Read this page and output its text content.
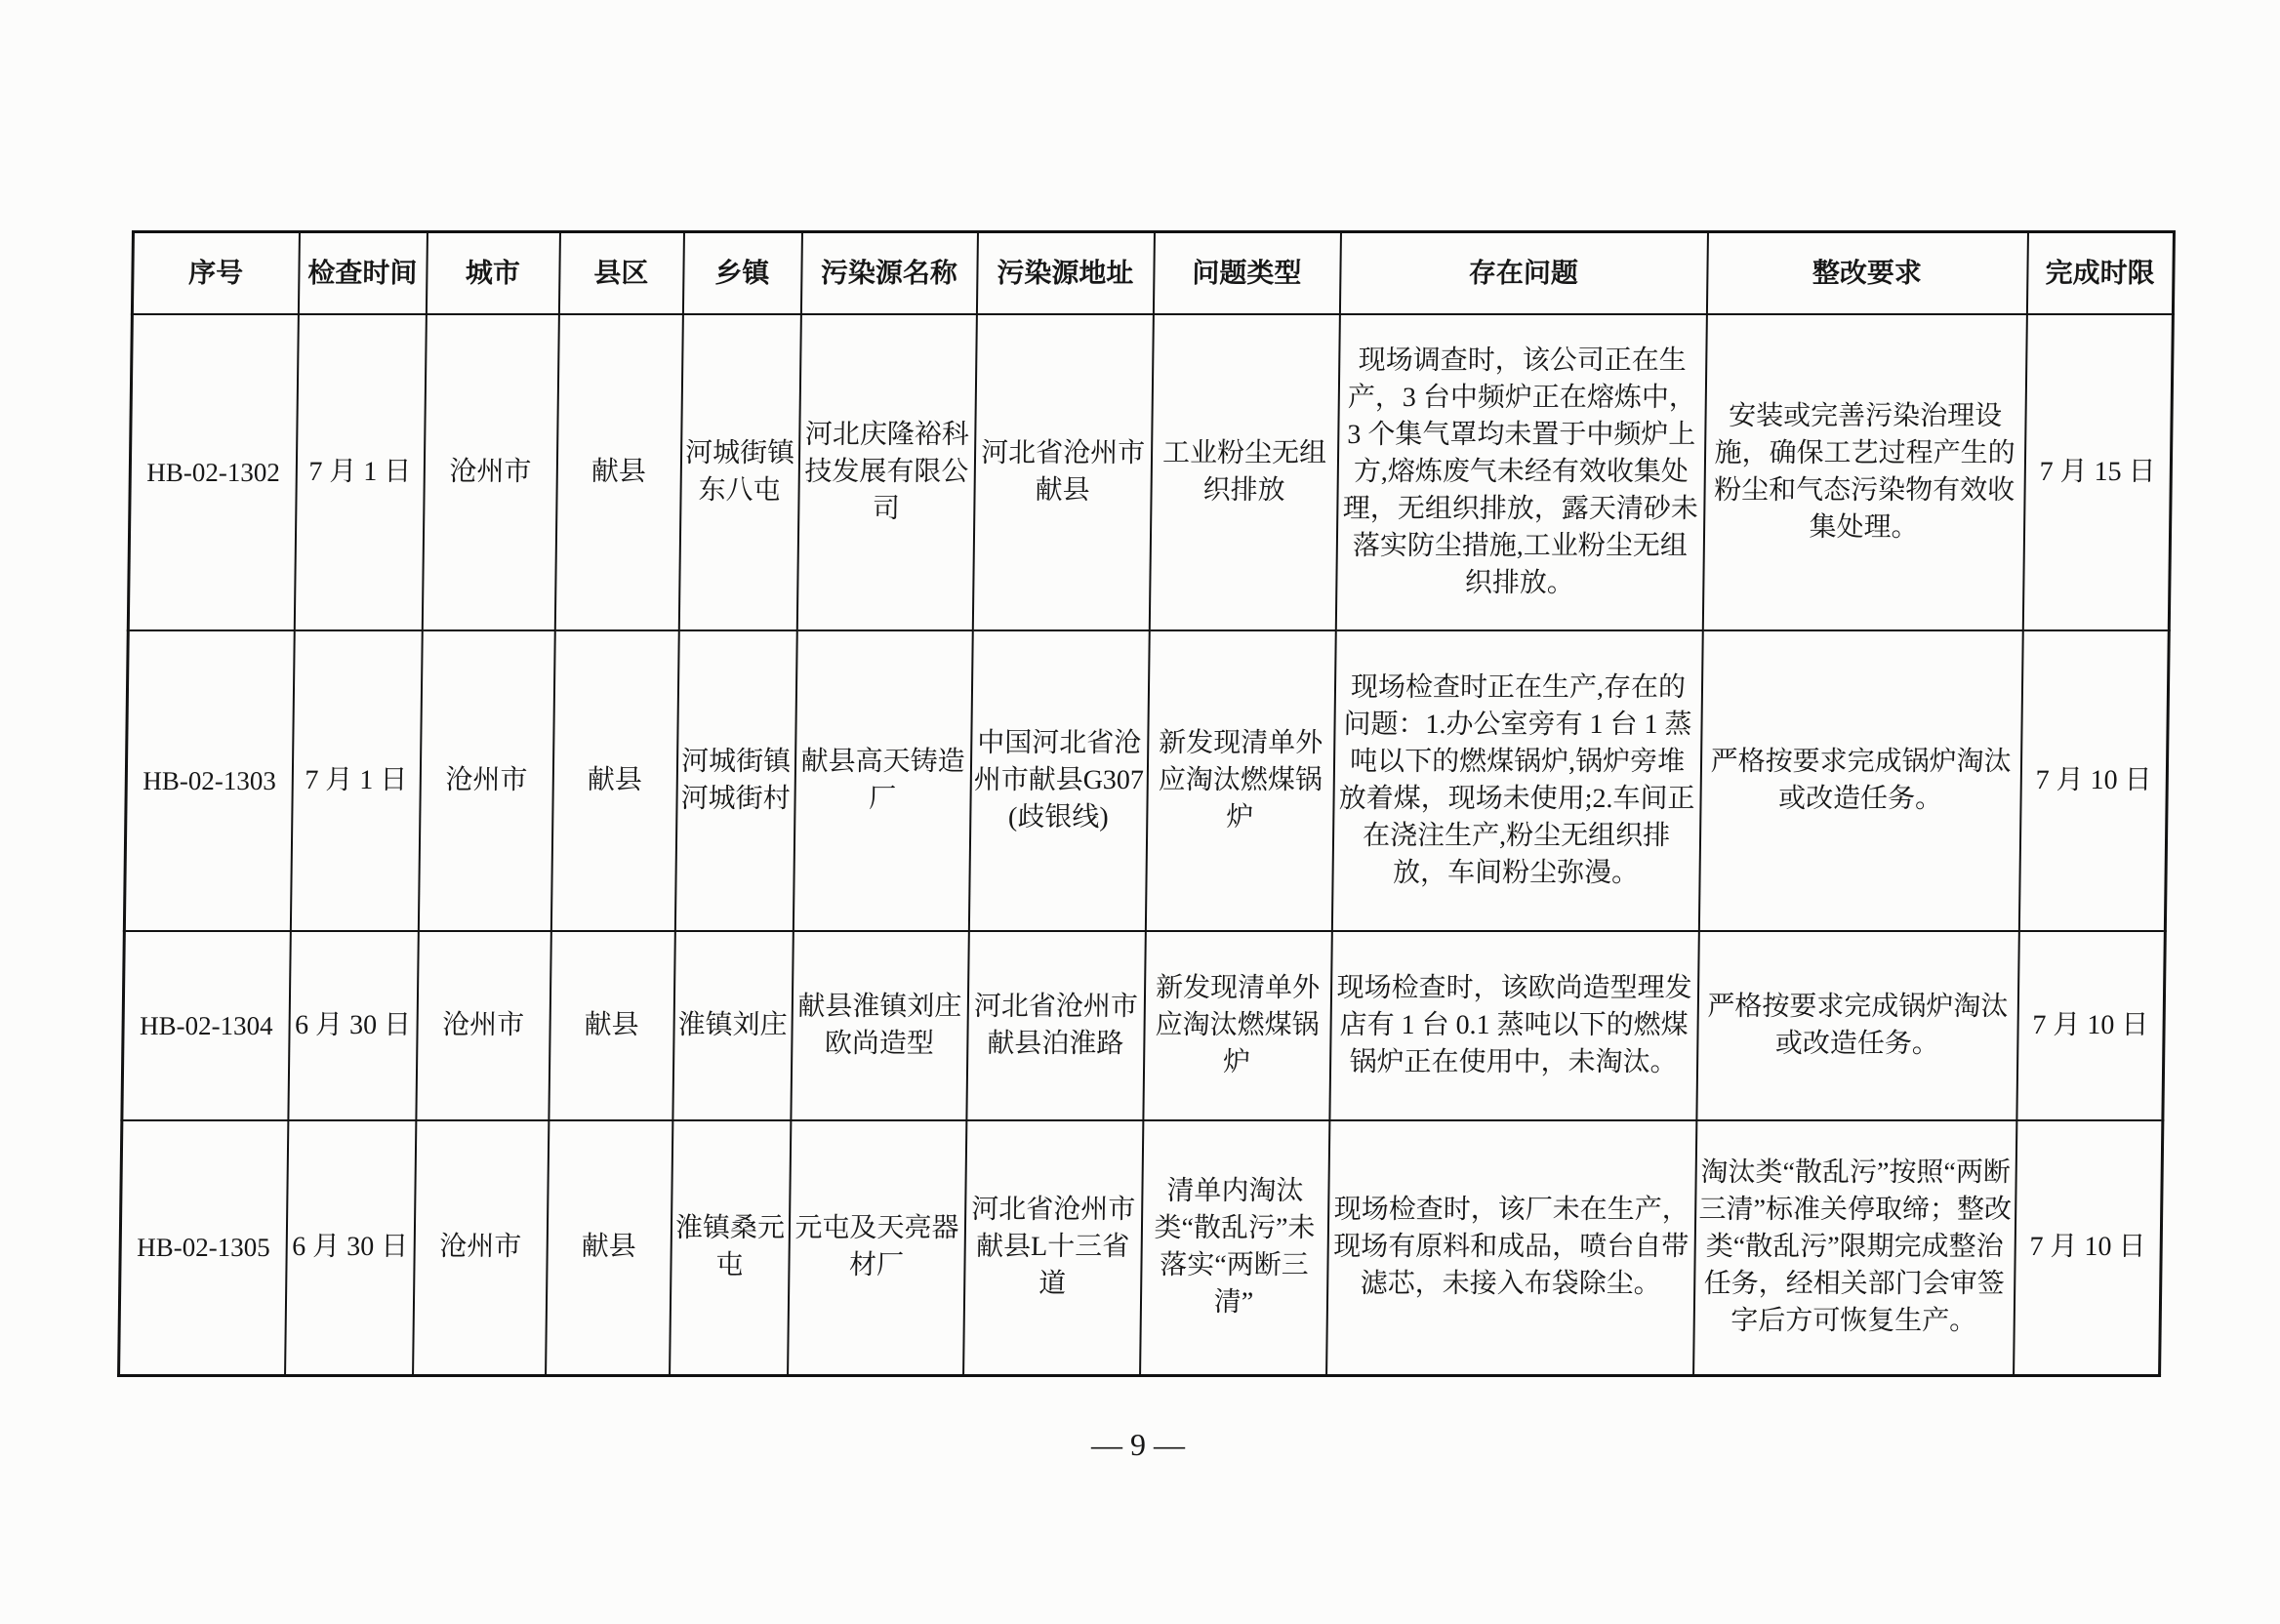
序号	检查时间	城市	县区	乡镇	污染源名称	污染源地址	问题类型	存在问题	整改要求	完成时限
HB-02-1302	7 月 1 日	沧州市	献县	河城街镇东八屯	河北庆隆裕科技发展有限公司	河北省沧州市献县	工业粉尘无组织排放	现场调查时，该公司正在生产，3 台中频炉正在熔炼中，3 个集气罩均未置于中频炉上方,熔炼废气未经有效收集处理，无组织排放，露天清砂未落实防尘措施,工业粉尘无组织排放。	安装或完善污染治理设施，确保工艺过程产生的粉尘和气态污染物有效收集处理。	7 月 15 日
HB-02-1303	7 月 1 日	沧州市	献县	河城街镇河城街村	献县高天铸造厂	中国河北省沧州市献县G307(歧银线)	新发现清单外应淘汰燃煤锅炉	现场检查时正在生产,存在的问题：1.办公室旁有 1 台 1 蒸吨以下的燃煤锅炉,锅炉旁堆放着煤，现场未使用;2.车间正在浇注生产,粉尘无组织排放，车间粉尘弥漫。	严格按要求完成锅炉淘汰或改造任务。	7 月 10 日
HB-02-1304	6 月 30 日	沧州市	献县	淮镇刘庄	献县淮镇刘庄欧尚造型	河北省沧州市献县泊淮路	新发现清单外应淘汰燃煤锅炉	现场检查时，该欧尚造型理发店有 1 台 0.1 蒸吨以下的燃煤锅炉正在使用中，未淘汰。	严格按要求完成锅炉淘汰或改造任务。	7 月 10 日
HB-02-1305	6 月 30 日	沧州市	献县	淮镇桑元屯	元屯及天亮器材厂	河北省沧州市献县L十三省道	清单内淘汰类“散乱污”未落实“两断三清”	现场检查时，该厂未在生产，现场有原料和成品，喷台自带滤芯，未接入布袋除尘。	淘汰类“散乱污”按照“两断三清”标准关停取缔；整改类“散乱污”限期完成整治任务，经相关部门会审签字后方可恢复生产。	7 月 10 日
— 9 —
